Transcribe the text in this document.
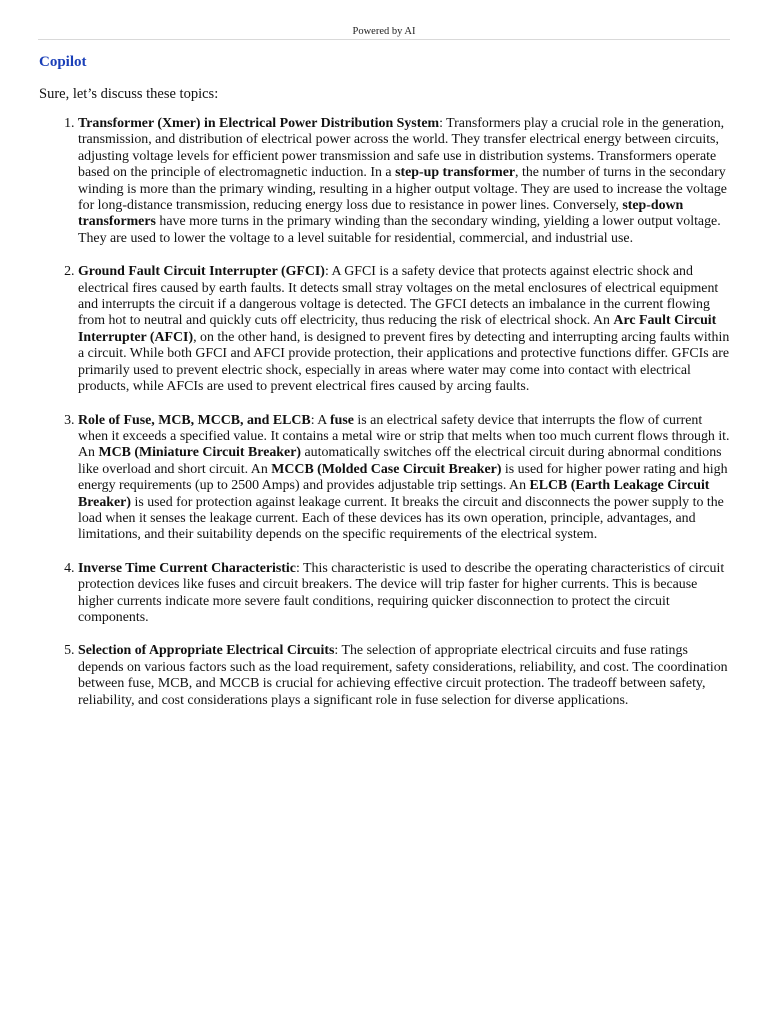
Powered by AI
Copilot

Sure, let’s discuss these topics:

1. Transformer (Xmer) in Electrical Power Distribution System: Transformers play a crucial role in the generation, transmission, and distribution of electrical power across the world. They transfer electrical energy between circuits, adjusting voltage levels for efficient power transmission and safe use in distribution systems. Transformers operate based on the principle of electromagnetic induction. In a step-up transformer, the number of turns in the secondary winding is more than the primary winding, resulting in a higher output voltage. They are used to increase the voltage for long-distance transmission, reducing energy loss due to resistance in power lines. Conversely, step-down transformers have more turns in the primary winding than the secondary winding, yielding a lower output voltage. They are used to lower the voltage to a level suitable for residential, commercial, and industrial use.
2. Ground Fault Circuit Interrupter (GFCI): A GFCI is a safety device that protects against electric shock and electrical fires caused by earth faults. It detects small stray voltages on the metal enclosures of electrical equipment and interrupts the circuit if a dangerous voltage is detected. The GFCI detects an imbalance in the current flowing from hot to neutral and quickly cuts off electricity, thus reducing the risk of electrical shock. An Arc Fault Circuit Interrupter (AFCI), on the other hand, is designed to prevent fires by detecting and interrupting arcing faults within a circuit. While both GFCI and AFCI provide protection, their applications and protective functions differ. GFCIs are primarily used to prevent electric shock, especially in areas where water may come into contact with electrical products, while AFCIs are used to prevent electrical fires caused by arcing faults.
3. Role of Fuse, MCB, MCCB, and ELCB: A fuse is an electrical safety device that interrupts the flow of current when it exceeds a specified value. It contains a metal wire or strip that melts when too much current flows through it. An MCB (Miniature Circuit Breaker) automatically switches off the electrical circuit during abnormal conditions like overload and short circuit. An MCCB (Molded Case Circuit Breaker) is used for higher power rating and high energy requirements (up to 2500 Amps) and provides adjustable trip settings. An ELCB (Earth Leakage Circuit Breaker) is used for protection against leakage current. It breaks the circuit and disconnects the power supply to the load when it senses the leakage current. Each of these devices has its own operation, principle, advantages, and limitations, and their suitability depends on the specific requirements of the electrical system.
4. Inverse Time Current Characteristic: This characteristic is used to describe the operating characteristics of circuit protection devices like fuses and circuit breakers. The device will trip faster for higher currents. This is because higher currents indicate more severe fault conditions, requiring quicker disconnection to protect the circuit components.
5. Selection of Appropriate Electrical Circuits: The selection of appropriate electrical circuits and fuse ratings depends on various factors such as the load requirement, safety considerations, reliability, and cost. The coordination between fuse, MCB, and MCCB is crucial for achieving effective circuit protection. The tradeoff between safety, reliability, and cost considerations plays a significant role in fuse selection for diverse applications.
